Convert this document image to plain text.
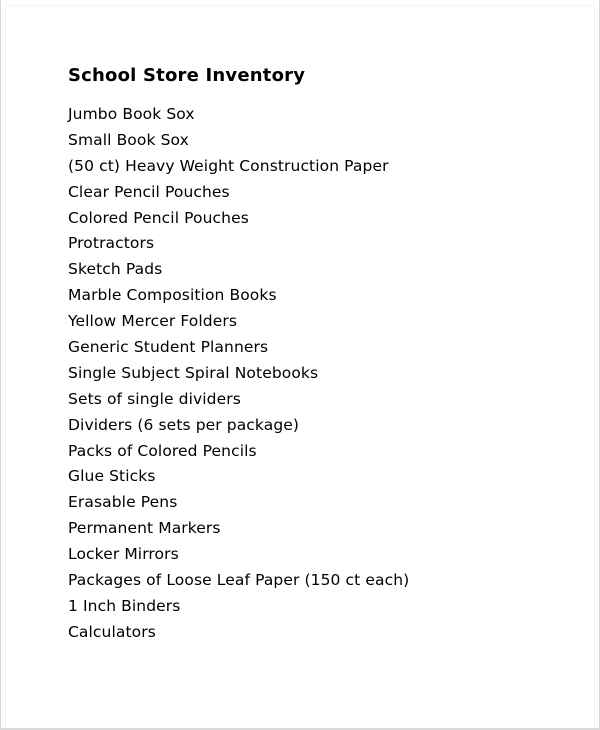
School Store Inventory
Jumbo Book Sox
Small Book Sox
(50 ct) Heavy Weight Construction Paper
Clear Pencil Pouches
Colored Pencil Pouches
Protractors
Sketch Pads
Marble Composition Books
Yellow Mercer Folders
Generic Student Planners
Single Subject Spiral Notebooks
Sets of single dividers
Dividers (6 sets per package)
Packs of Colored Pencils
Glue Sticks
Erasable Pens
Permanent Markers
Locker Mirrors
Packages of Loose Leaf Paper (150 ct each)
1 Inch Binders
Calculators
